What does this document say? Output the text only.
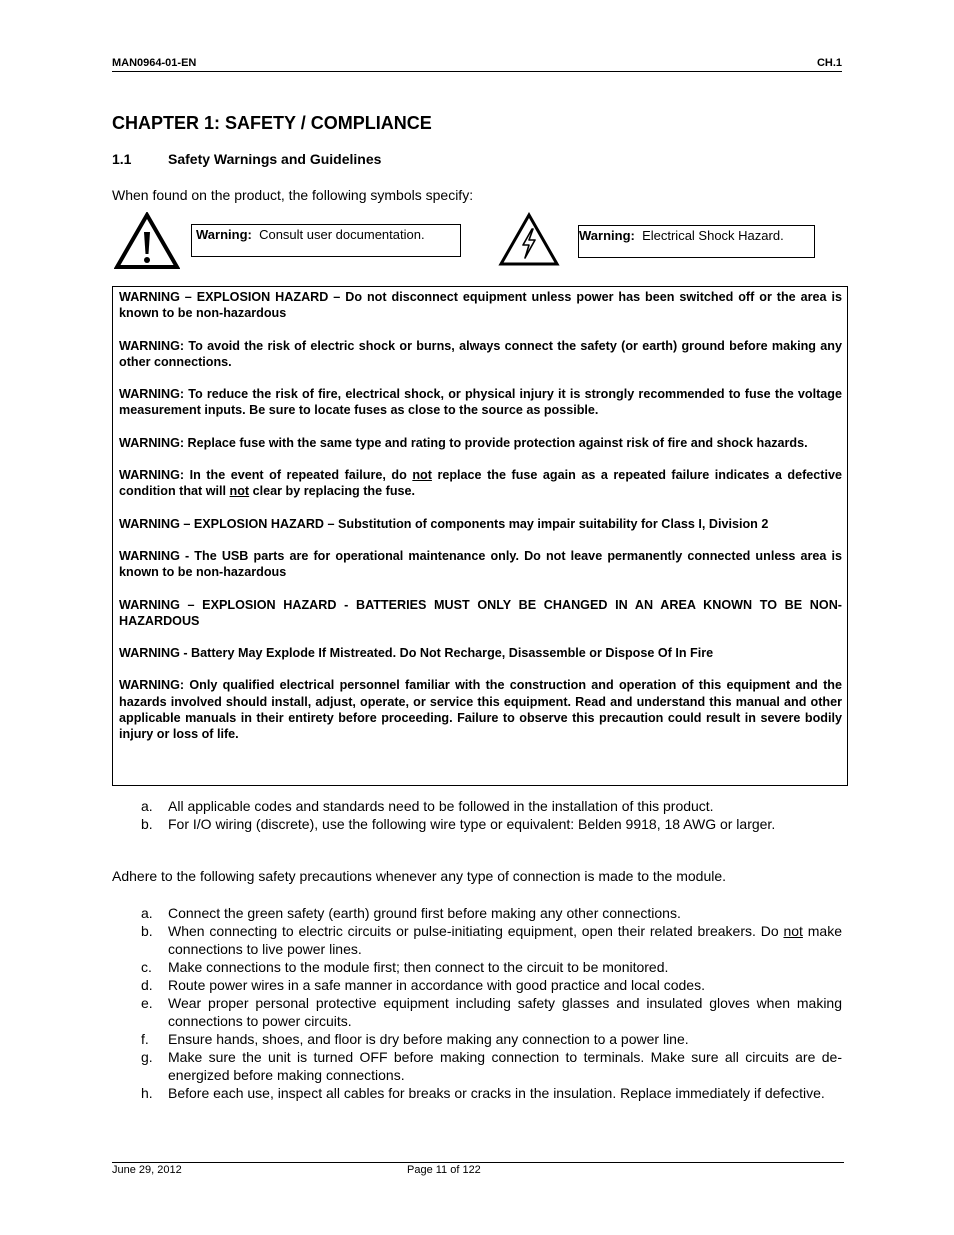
MAN0964-01-EN	CH.1
CHAPTER 1: SAFETY / COMPLIANCE
1.1	Safety Warnings and Guidelines
When found on the product, the following symbols specify:
Warning: Consult user documentation.	Warning: Electrical Shock Hazard.

WARNING – EXPLOSION HAZARD – Do not disconnect equipment unless power has been switched off or the area is known to be non-hazardous

WARNING: To avoid the risk of electric shock or burns, always connect the safety (or earth) ground before making any other connections.

WARNING: To reduce the risk of fire, electrical shock, or physical injury it is strongly recommended to fuse the voltage measurement inputs. Be sure to locate fuses as close to the source as possible.

WARNING: Replace fuse with the same type and rating to provide protection against risk of fire and shock hazards.

WARNING: In the event of repeated failure, do not replace the fuse again as a repeated failure indicates a defective condition that will not clear by replacing the fuse.

WARNING – EXPLOSION HAZARD – Substitution of components may impair suitability for Class I, Division 2

WARNING - The USB parts are for operational maintenance only. Do not leave permanently connected unless area is known to be non-hazardous

WARNING – EXPLOSION HAZARD - BATTERIES MUST ONLY BE CHANGED IN AN AREA KNOWN TO BE NON-HAZARDOUS

WARNING - Battery May Explode If Mistreated. Do Not Recharge, Disassemble or Dispose Of In Fire

WARNING: Only qualified electrical personnel familiar with the construction and operation of this equipment and the hazards involved should install, adjust, operate, or service this equipment. Read and understand this manual and other applicable manuals in their entirety before proceeding. Failure to observe this precaution could result in severe bodily injury or loss of life.

a.	All applicable codes and standards need to be followed in the installation of this product.
b.	For I/O wiring (discrete), use the following wire type or equivalent: Belden 9918, 18 AWG or larger.
Adhere to the following safety precautions whenever any type of connection is made to the module.
a.	Connect the green safety (earth) ground first before making any other connections.
b.	When connecting to electric circuits or pulse-initiating equipment, open their related breakers. Do not make connections to live power lines.
c.	Make connections to the module first; then connect to the circuit to be monitored.
d.	Route power wires in a safe manner in accordance with good practice and local codes.
e.	Wear proper personal protective equipment including safety glasses and insulated gloves when making connections to power circuits.
f.	Ensure hands, shoes, and floor is dry before making any connection to a power line.
g.	Make sure the unit is turned OFF before making connection to terminals. Make sure all circuits are de-energized before making connections.
h.	Before each use, inspect all cables for breaks or cracks in the insulation. Replace immediately if defective.
June 29, 2012	Page 11 of 122
